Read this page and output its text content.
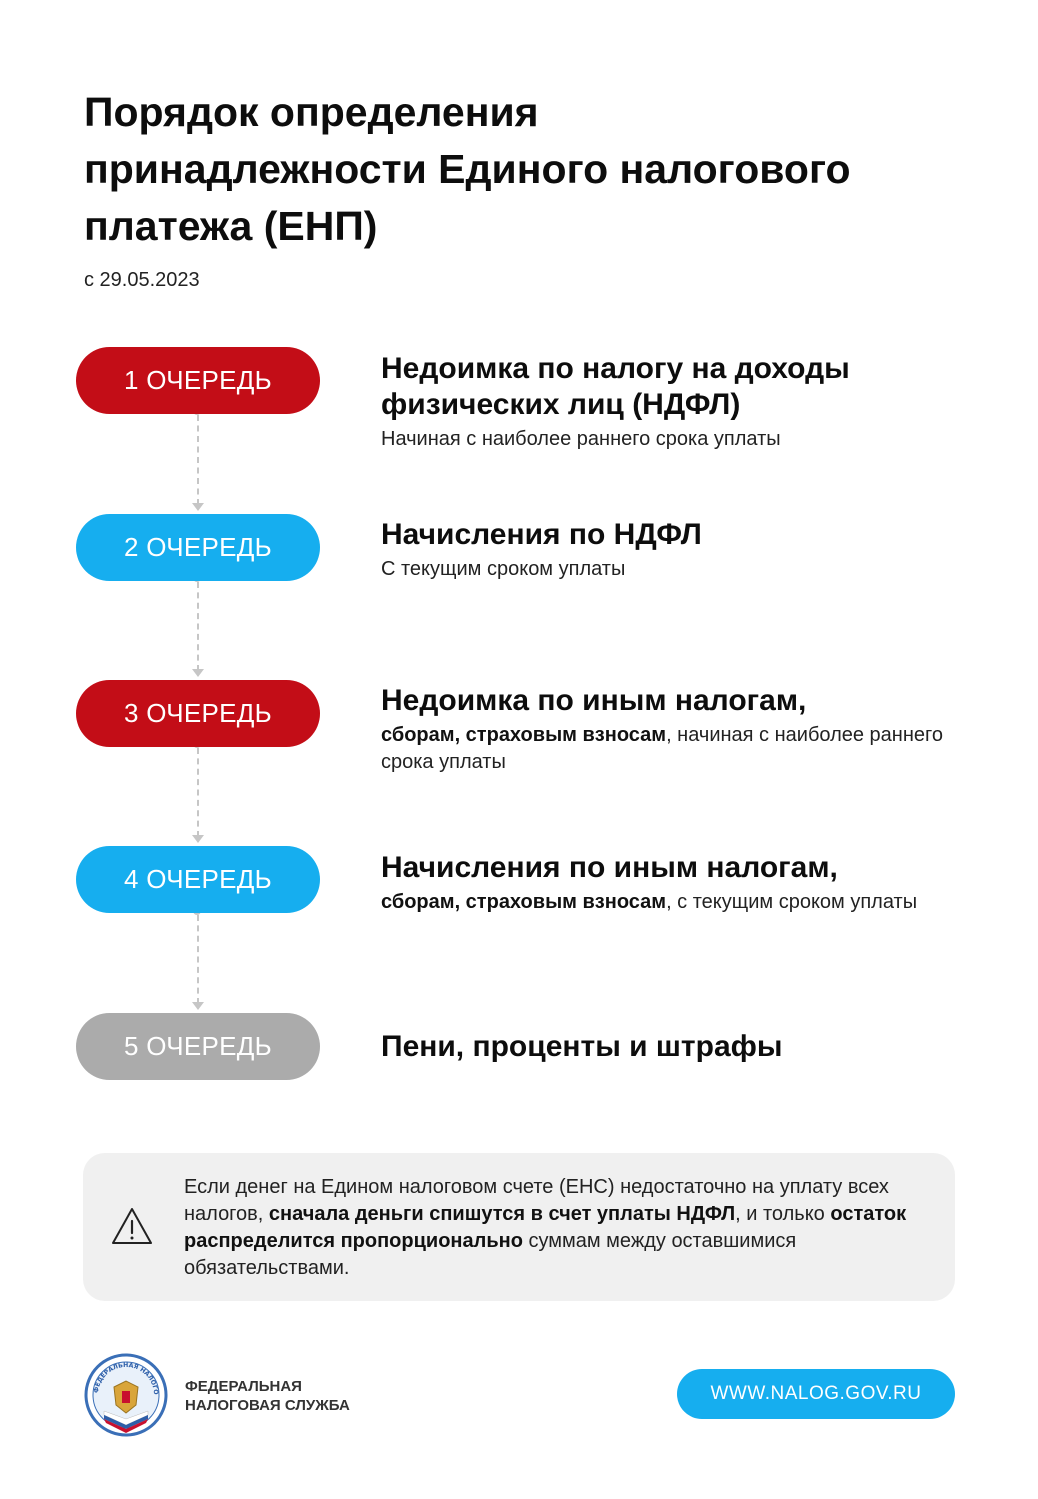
Порядок определения
принадлежности Единого налогового
платежа (ЕНП)
с 29.05.2023
1 ОЧЕРЕДЬ	Недоимка по налогу на доходы
физических лиц (НДФЛ)
Начиная с наиболее раннего срока уплаты
2 ОЧЕРЕДЬ	Начисления по НДФЛ
С текущим сроком уплаты
3 ОЧЕРЕДЬ	Недоимка по иным налогам,
сборам, страховым взносам, начиная с наиболее раннего срока уплаты
4 ОЧЕРЕДЬ	Начисления по иным налогам,
сборам, страховым взносам, с текущим сроком уплаты
5 ОЧЕРЕДЬ	Пени, проценты и штрафы
Если денег на Едином налоговом счете (ЕНС) недостаточно на уплату всех налогов, сначала деньги спишутся в счет уплаты НДФЛ, и только остаток распределится пропорционально суммам между оставшимися обязательствами.
ФЕДЕРАЛЬНАЯ НАЛОГО ФЕДЕРАЛЬНАЯ
НАЛОГОВАЯ СЛУЖБА
WWW.NALOG.GOV.RU
